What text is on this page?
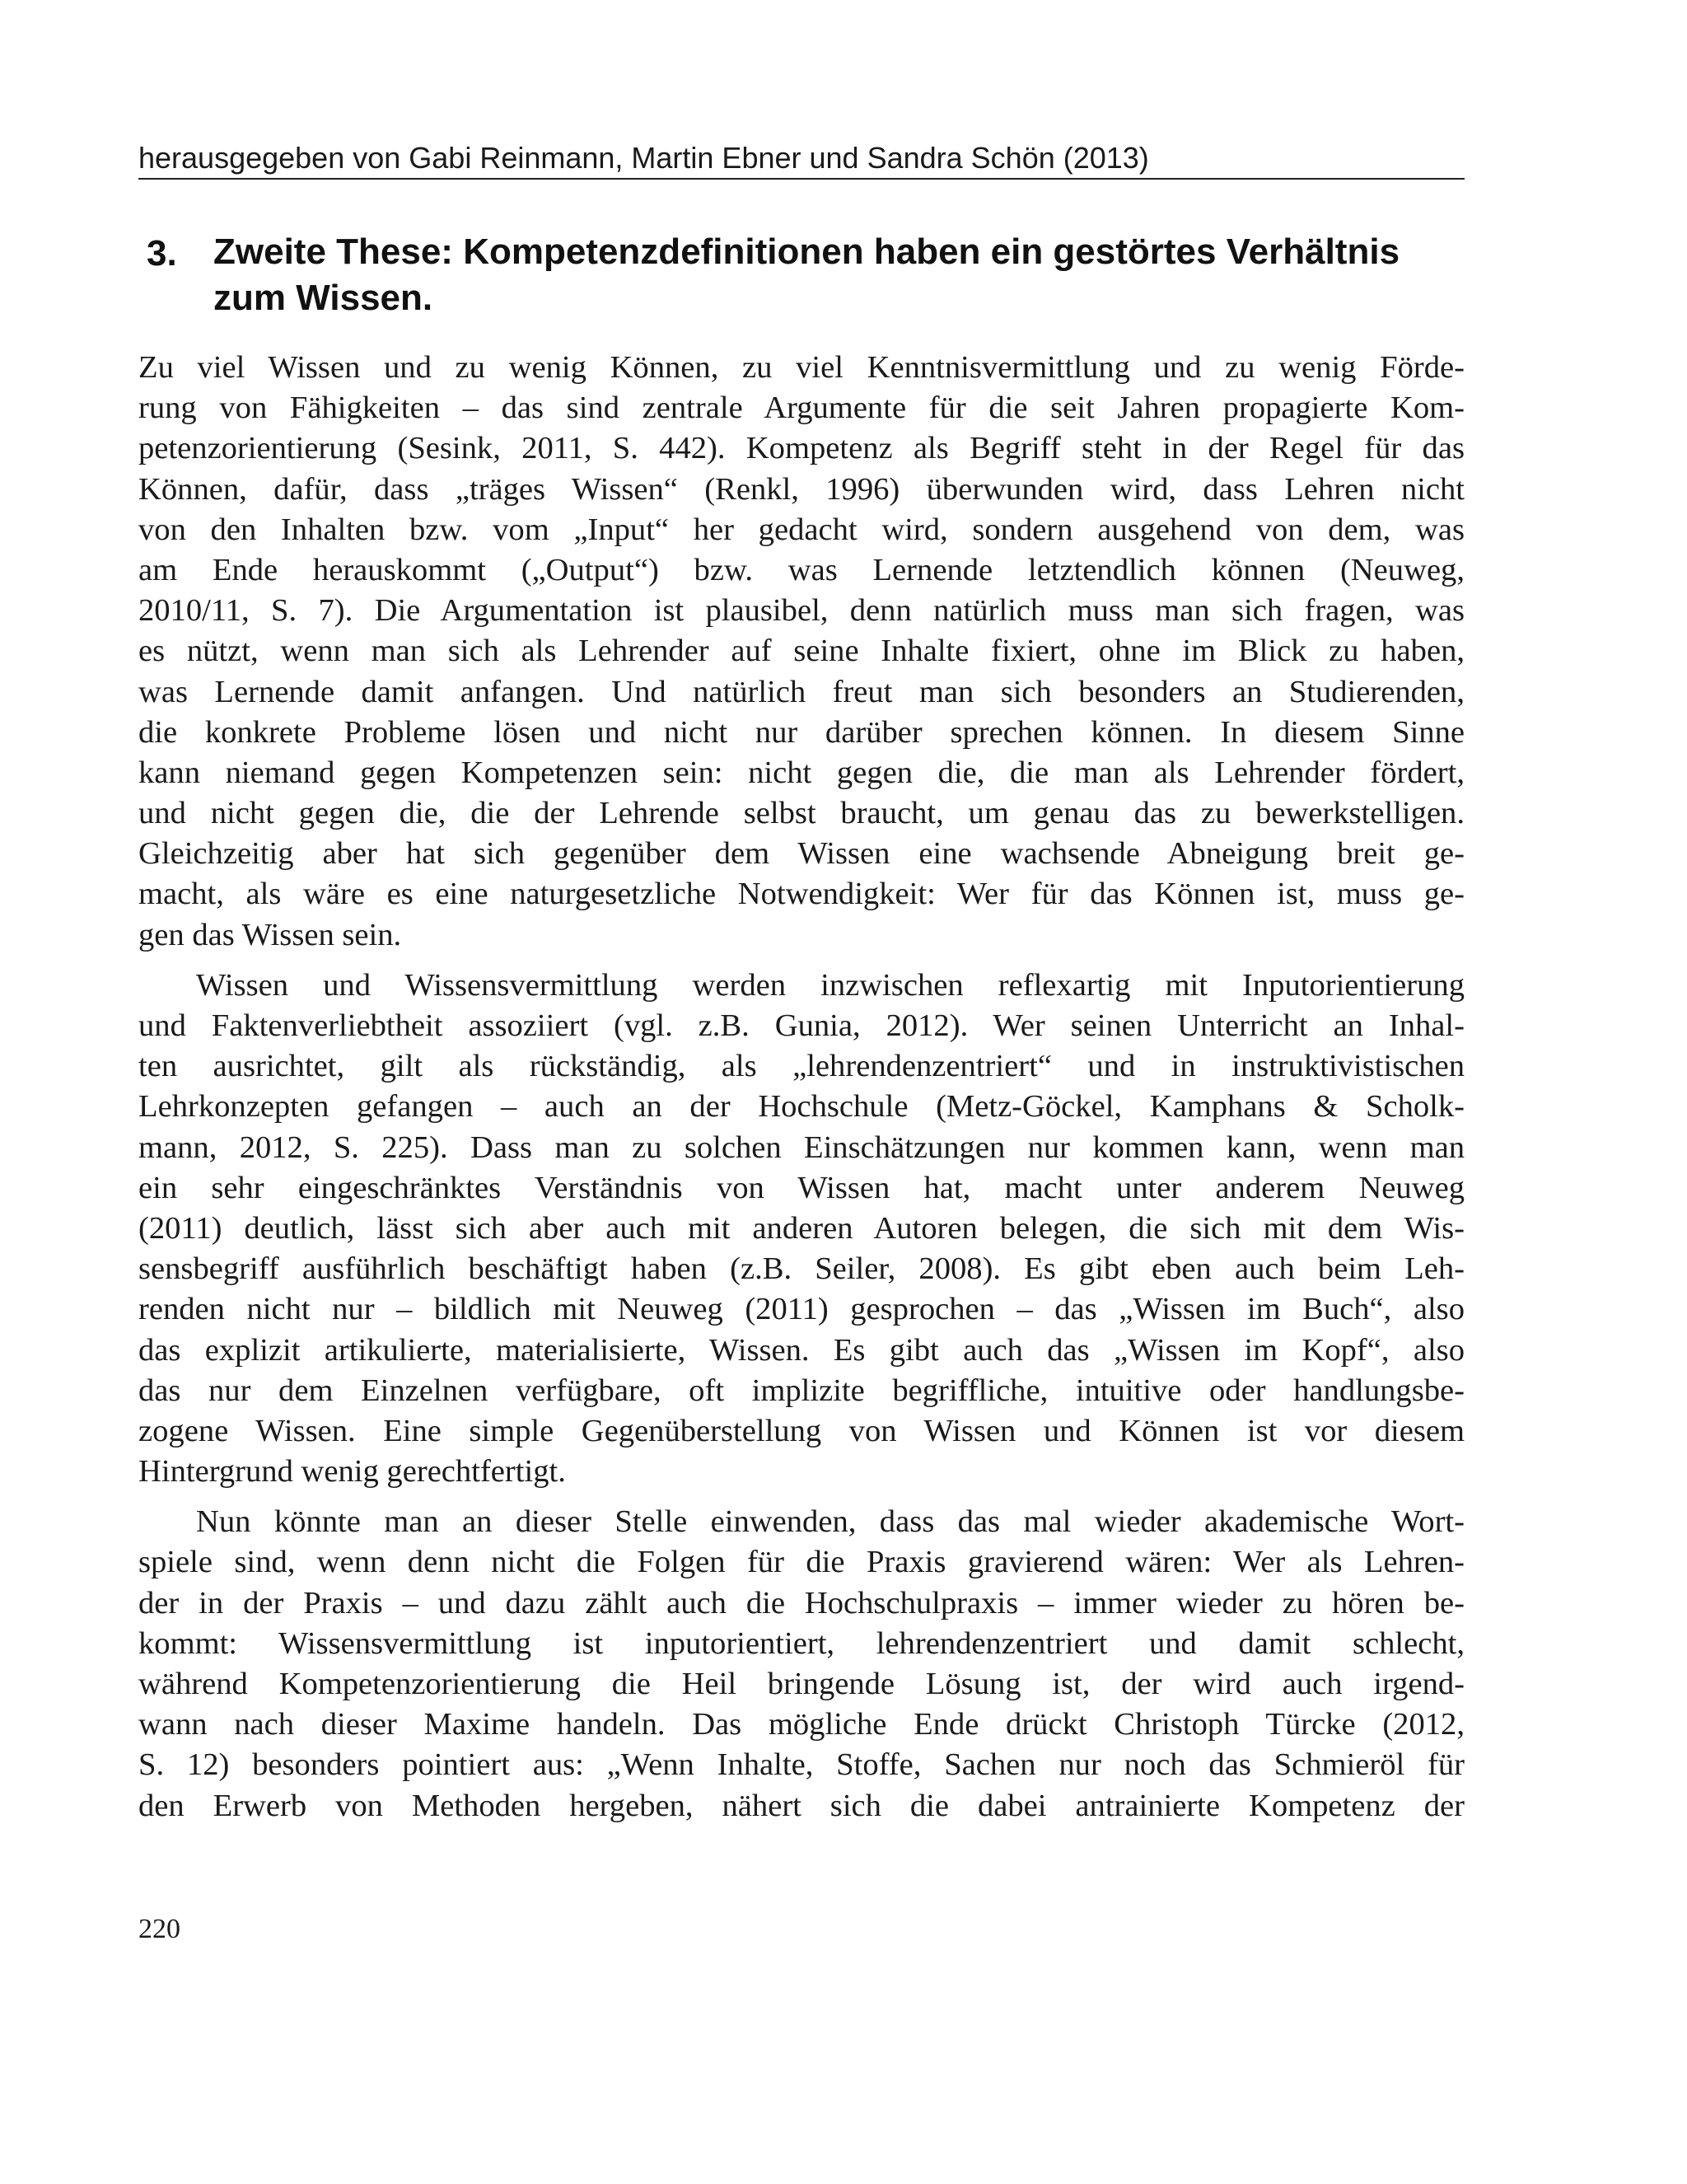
herausgegeben von Gabi Reinmann, Martin Ebner und Sandra Schön (2013)
3. Zweite These: Kompetenzdefinitionen haben ein gestörtes Verhältnis zum Wissen.

Zu viel Wissen und zu wenig Können, zu viel Kenntnisvermittlung und zu wenig Förde-
rung von Fähigkeiten – das sind zentrale Argumente für die seit Jahren propagierte Kom-
petenzorientierung (Sesink, 2011, S. 442). Kompetenz als Begriff steht in der Regel für das
Können, dafür, dass „träges Wissen“ (Renkl, 1996) überwunden wird, dass Lehren nicht
von den Inhalten bzw. vom „Input“ her gedacht wird, sondern ausgehend von dem, was
am Ende herauskommt („Output“) bzw. was Lernende letztendlich können (Neuweg,
2010/11, S. 7). Die Argumentation ist plausibel, denn natürlich muss man sich fragen, was
es nützt, wenn man sich als Lehrender auf seine Inhalte fixiert, ohne im Blick zu haben,
was Lernende damit anfangen. Und natürlich freut man sich besonders an Studierenden,
die konkrete Probleme lösen und nicht nur darüber sprechen können. In diesem Sinne
kann niemand gegen Kompetenzen sein: nicht gegen die, die man als Lehrender fördert,
und nicht gegen die, die der Lehrende selbst braucht, um genau das zu bewerkstelligen.
Gleichzeitig aber hat sich gegenüber dem Wissen eine wachsende Abneigung breit ge-
macht, als wäre es eine naturgesetzliche Notwendigkeit: Wer für das Können ist, muss ge-
gen das Wissen sein.

Wissen und Wissensvermittlung werden inzwischen reflexartig mit Inputorientierung
und Faktenverliebtheit assoziiert (vgl. z.B. Gunia, 2012). Wer seinen Unterricht an Inhal-
ten ausrichtet, gilt als rückständig, als „lehrendenzentriert“ und in instruktivistischen
Lehrkonzepten gefangen – auch an der Hochschule (Metz-Göckel, Kamphans & Scholk-
mann, 2012, S. 225). Dass man zu solchen Einschätzungen nur kommen kann, wenn man
ein sehr eingeschränktes Verständnis von Wissen hat, macht unter anderem Neuweg
(2011) deutlich, lässt sich aber auch mit anderen Autoren belegen, die sich mit dem Wis-
sensbegriff ausführlich beschäftigt haben (z.B. Seiler, 2008). Es gibt eben auch beim Leh-
renden nicht nur – bildlich mit Neuweg (2011) gesprochen – das „Wissen im Buch“, also
das explizit artikulierte, materialisierte, Wissen. Es gibt auch das „Wissen im Kopf“, also
das nur dem Einzelnen verfügbare, oft implizite begriffliche, intuitive oder handlungsbe-
zogene Wissen. Eine simple Gegenüberstellung von Wissen und Können ist vor diesem
Hintergrund wenig gerechtfertigt.

Nun könnte man an dieser Stelle einwenden, dass das mal wieder akademische Wort-
spiele sind, wenn denn nicht die Folgen für die Praxis gravierend wären: Wer als Lehren-
der in der Praxis – und dazu zählt auch die Hochschulpraxis – immer wieder zu hören be-
kommt: Wissensvermittlung ist inputorientiert, lehrendenzentriert und damit schlecht,
während Kompetenzorientierung die Heil bringende Lösung ist, der wird auch irgend-
wann nach dieser Maxime handeln. Das mögliche Ende drückt Christoph Türcke (2012,
S. 12) besonders pointiert aus: „Wenn Inhalte, Stoffe, Sachen nur noch das Schmieröl für
den Erwerb von Methoden hergeben, nähert sich die dabei antrainierte Kompetenz der

220
